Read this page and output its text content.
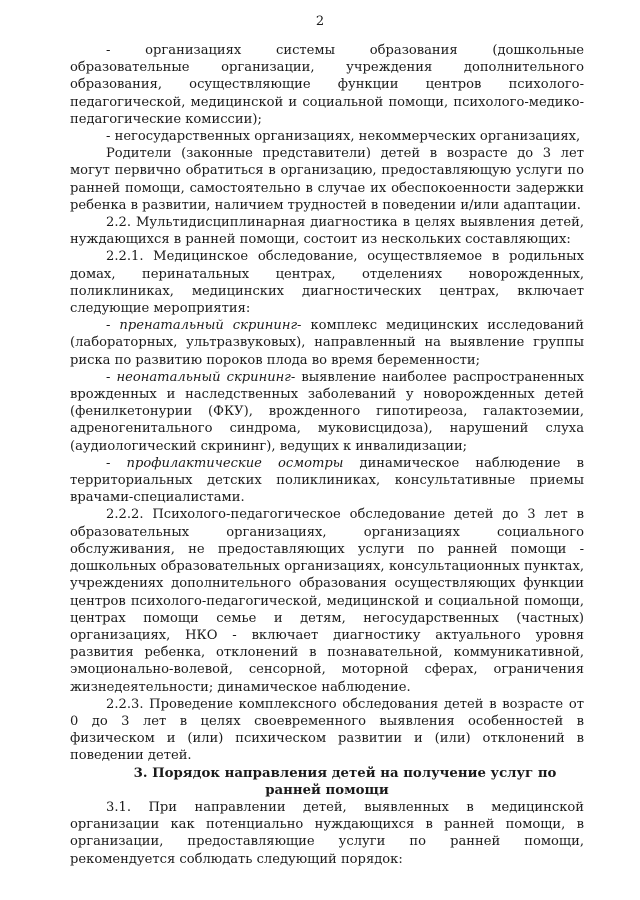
2

- организациях системы образования (дошкольные образовательные организации, учреждения дополнительного образования, осуществляющие функции центров психолого-педагогической, медицинской и социальной помощи, психолого-медико-педагогические комиссии);

- негосударственных организациях, некоммерческих организациях,

Родители (законные представители) детей в возрасте до 3 лет могут первично обратиться в организацию, предоставляющую услуги по ранней помощи, самостоятельно в случае их обеспокоенности задержки ребенка в развитии, наличием трудностей в поведении и/или адаптации.

2.2. Мультидисциплинарная диагностика в целях выявления детей, нуждающихся в ранней помощи, состоит из нескольких составляющих:

2.2.1. Медицинское обследование, осуществляемое в родильных домах, перинатальных центрах, отделениях новорожденных, поликлиниках, медицинских диагностических центрах, включает следующие мероприятия:

- пренатальный скрининг- комплекс медицинских исследований (лабораторных, ультразвуковых), направленный на выявление группы риска по развитию пороков плода во время беременности;

- неонатальный скрининг- выявление наиболее распространенных врожденных и наследственных заболеваний у новорожденных детей (фенилкетонурии (ФКУ), врожденного гипотиреоза, галактоземии, адреногенитального синдрома, муковисцидоза), нарушений слуха (аудиологический скрининг), ведущих к инвалидизации;

- профилактические осмотры динамическое наблюдение в территориальных детских поликлиниках, консультативные приемы врачами-специалистами.

2.2.2. Психолого-педагогическое обследование детей до 3 лет в образовательных организациях, организациях социального обслуживания, не предоставляющих услуги по ранней помощи - дошкольных образовательных организациях, консультационных пунктах, учреждениях дополнительного образования осуществляющих функции центров психолого-педагогической, медицинской и социальной помощи, центрах помощи семье и детям, негосударственных (частных) организациях, НКО - включает диагностику актуального уровня развития ребенка, отклонений в познавательной, коммуникативной, эмоционально-волевой, сенсорной, моторной сферах, ограничения жизнедеятельности; динамическое наблюдение.

2.2.3. Проведение комплексного обследования детей в возрасте от 0 до 3 лет в целях своевременного выявления особенностей в физическом и (или) психическом развитии и (или) отклонений в поведении детей.

3. Порядок направления детей на получение услуг по ранней помощи

3.1. При направлении детей, выявленных в медицинской организации как потенциально нуждающихся в ранней помощи, в организации, предоставляющие услуги по ранней помощи, рекомендуется соблюдать следующий порядок:
